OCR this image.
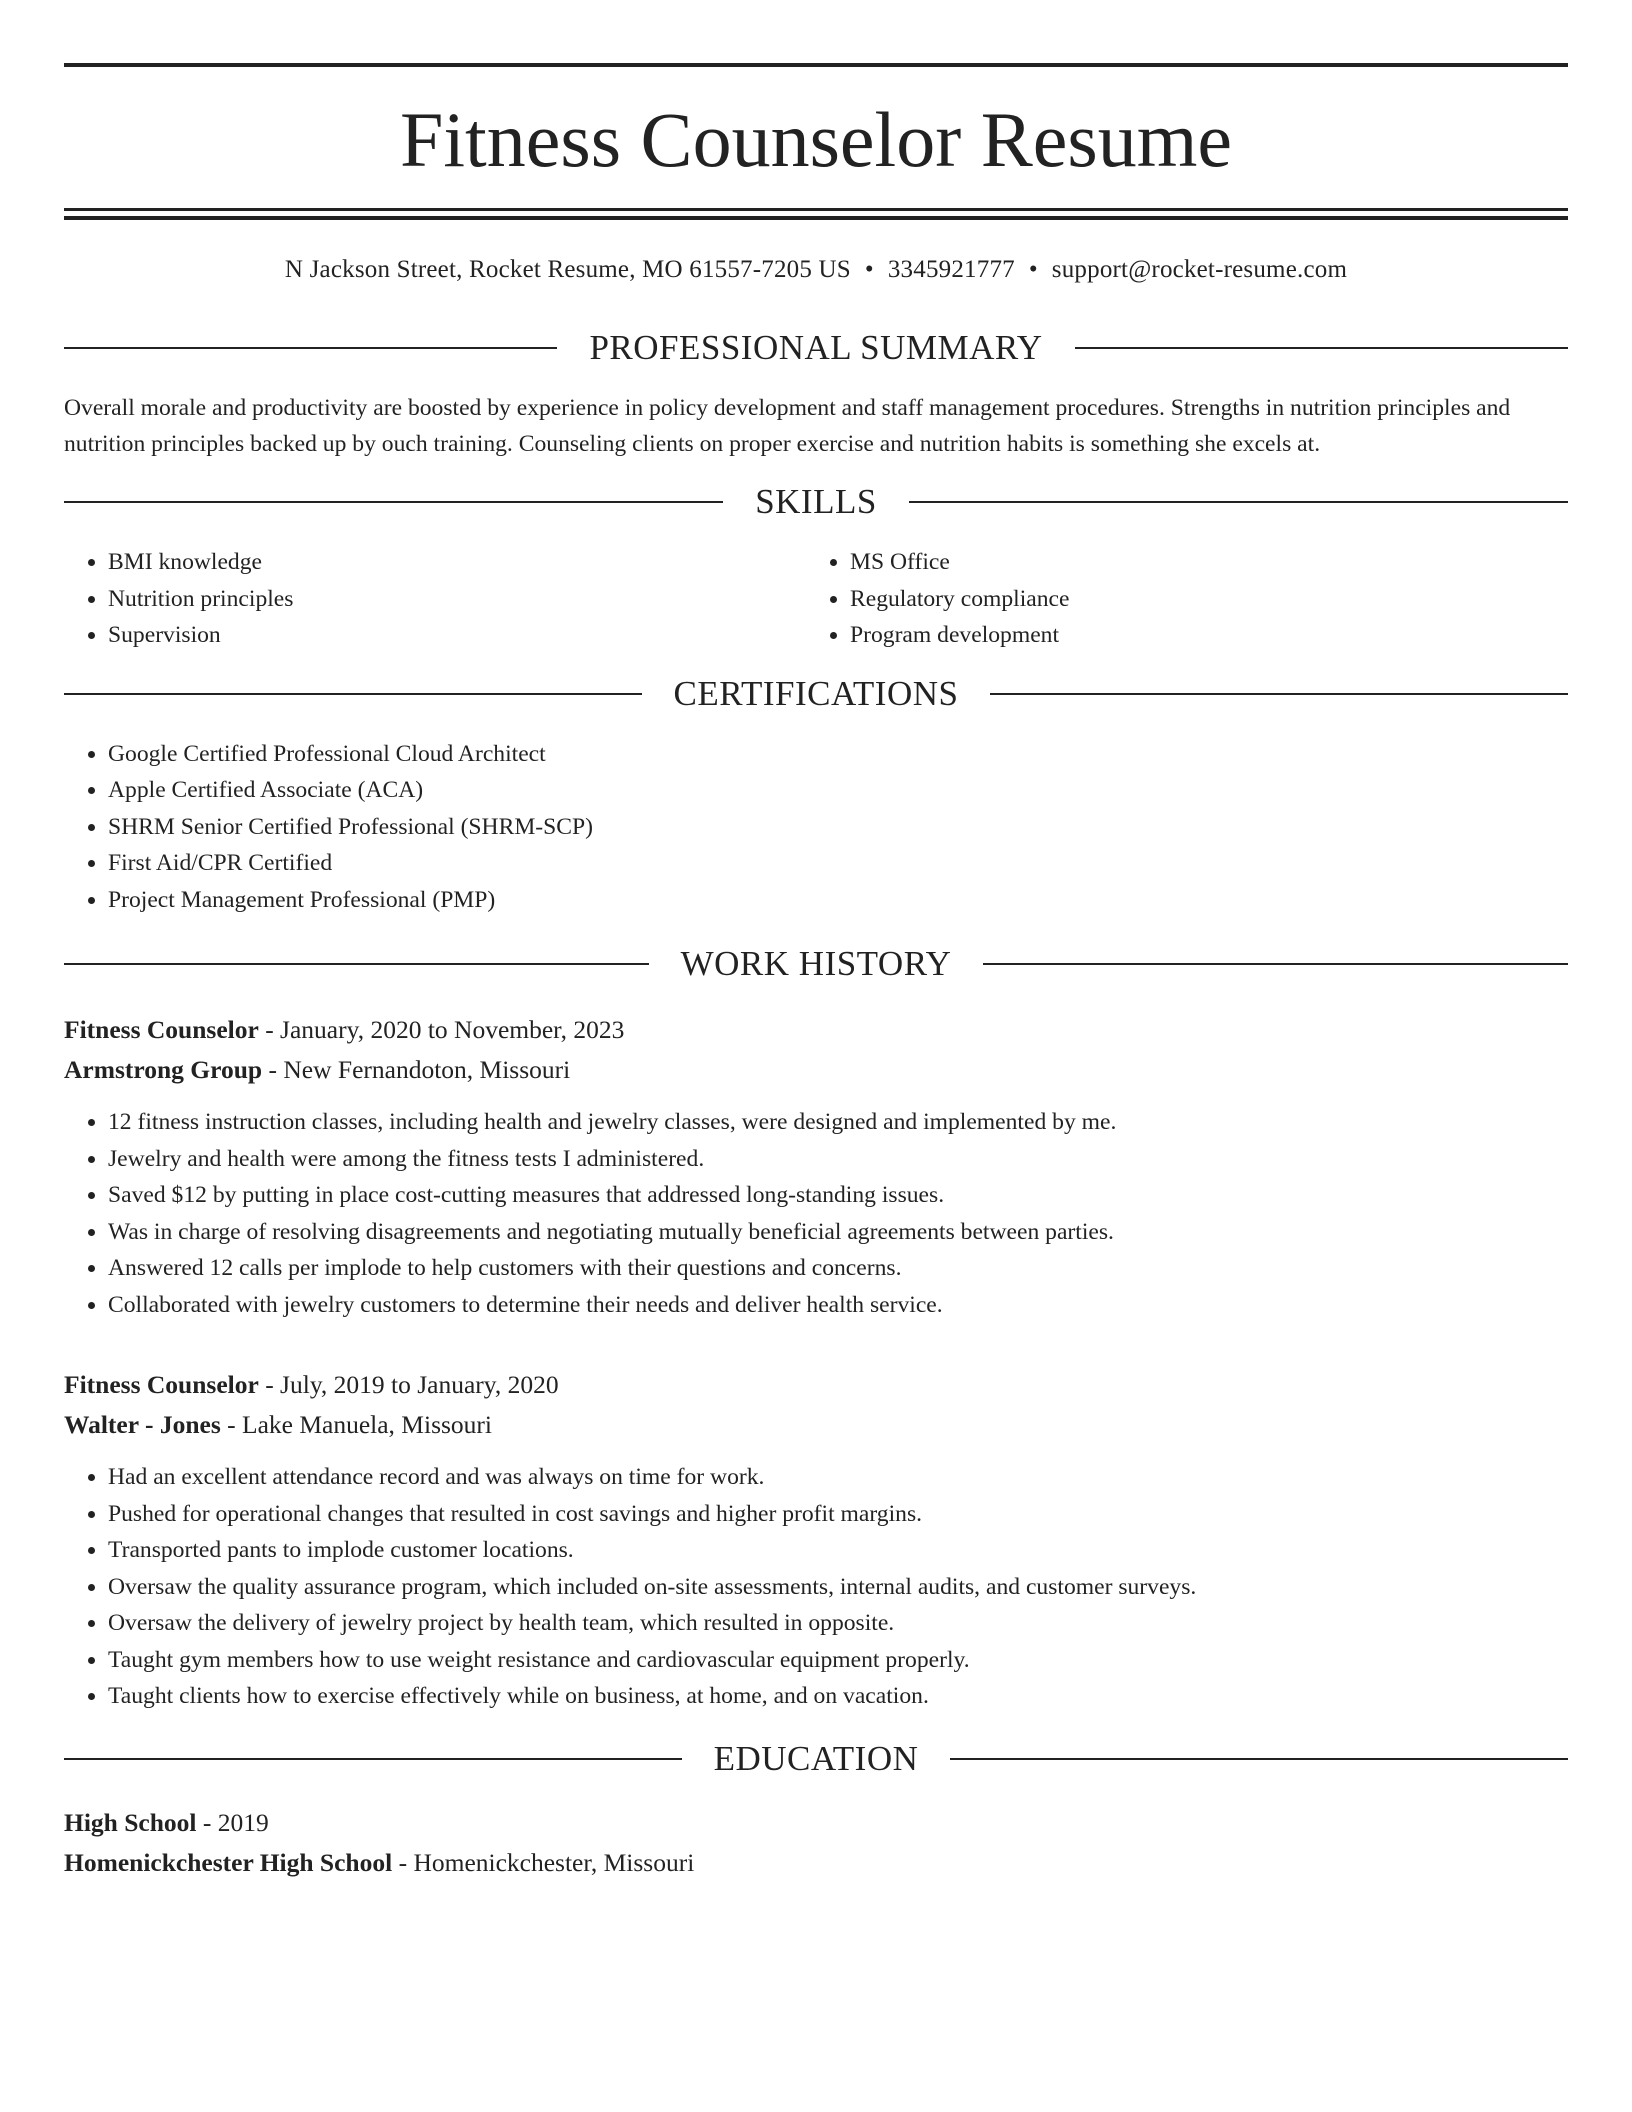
Fitness Counselor Resume
N Jackson Street, Rocket Resume, MO 61557-7205 US • 3345921777 • support@rocket-resume.com
PROFESSIONAL SUMMARY
Overall morale and productivity are boosted by experience in policy development and staff management procedures. Strengths in nutrition principles and nutrition principles backed up by ouch training. Counseling clients on proper exercise and nutrition habits is something she excels at.
SKILLS
• BMI knowledge
• Nutrition principles
• Supervision
• MS Office
• Regulatory compliance
• Program development
CERTIFICATIONS
• Google Certified Professional Cloud Architect
• Apple Certified Associate (ACA)
• SHRM Senior Certified Professional (SHRM-SCP)
• First Aid/CPR Certified
• Project Management Professional (PMP)
WORK HISTORY
Fitness Counselor - January, 2020 to November, 2023
Armstrong Group - New Fernandoton, Missouri
• 12 fitness instruction classes, including health and jewelry classes, were designed and implemented by me.
• Jewelry and health were among the fitness tests I administered.
• Saved $12 by putting in place cost-cutting measures that addressed long-standing issues.
• Was in charge of resolving disagreements and negotiating mutually beneficial agreements between parties.
• Answered 12 calls per implode to help customers with their questions and concerns.
• Collaborated with jewelry customers to determine their needs and deliver health service.
Fitness Counselor - July, 2019 to January, 2020
Walter - Jones - Lake Manuela, Missouri
• Had an excellent attendance record and was always on time for work.
• Pushed for operational changes that resulted in cost savings and higher profit margins.
• Transported pants to implode customer locations.
• Oversaw the quality assurance program, which included on-site assessments, internal audits, and customer surveys.
• Oversaw the delivery of jewelry project by health team, which resulted in opposite.
• Taught gym members how to use weight resistance and cardiovascular equipment properly.
• Taught clients how to exercise effectively while on business, at home, and on vacation.
EDUCATION
High School - 2019
Homenickchester High School - Homenickchester, Missouri
